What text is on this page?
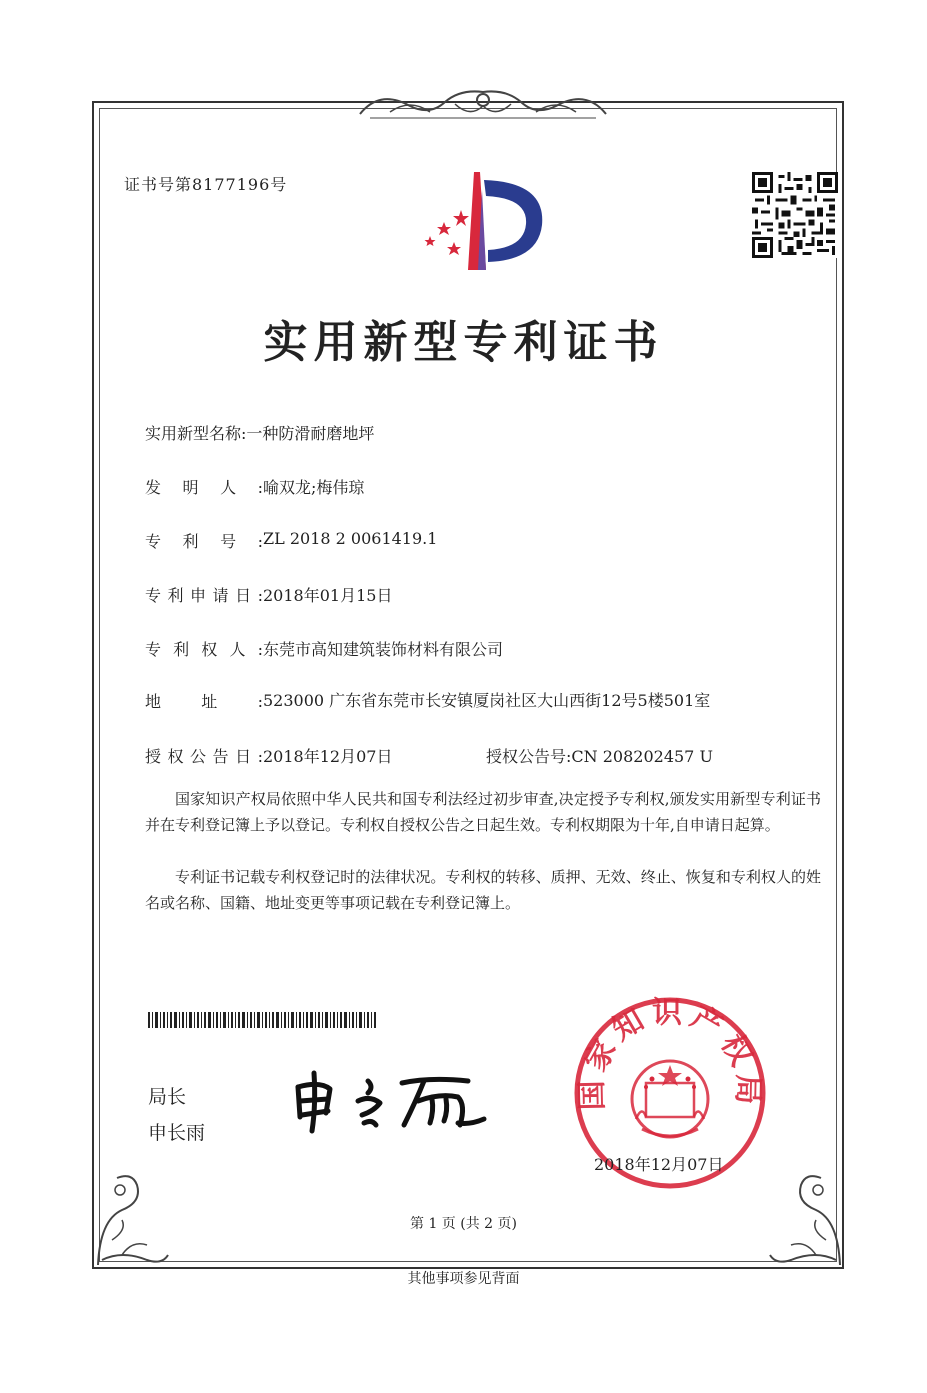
证书号第8177196号
实用新型专利证书
实用新型名称:一种防滑耐磨地坪
发明人:喻双龙;梅伟琼
专利号:ZL 2018 2 0061419.1
专利申请日:2018年01月15日
专利权人:东莞市高知建筑装饰材料有限公司
地址:523000 广东省东莞市长安镇厦岗社区大山西街12号5楼501室
授权公告日:2018年12月07日	授权公告号:CN 208202457 U
国家知识产权局依照中华人民共和国专利法经过初步审查,决定授予专利权,颁发实用新型专利证书并在专利登记簿上予以登记。专利权自授权公告之日起生效。专利权期限为十年,自申请日起算。
专利证书记载专利权登记时的法律状况。专利权的转移、质押、无效、终止、恢复和专利权人的姓名或名称、国籍、地址变更等事项记载在专利登记簿上。
局长
申长雨
国家知识产权局
2018年12月07日
第 1 页 (共 2 页)
其他事项参见背面
